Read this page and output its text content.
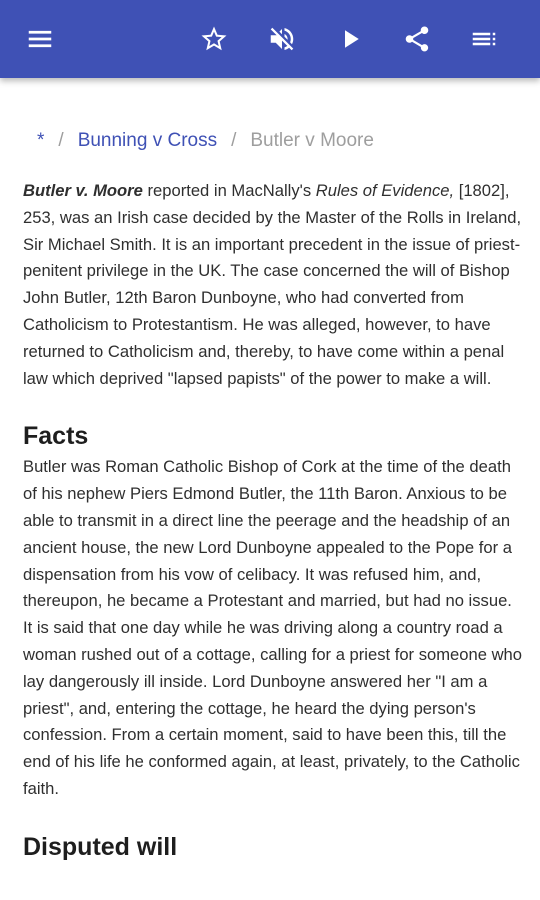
* / Bunning v Cross / Butler v Moore

Butler v. Moore reported in MacNally's Rules of Evidence, [1802], 253, was an Irish case decided by the Master of the Rolls in Ireland, Sir Michael Smith. It is an important precedent in the issue of priest-penitent privilege in the UK. The case concerned the will of Bishop John Butler, 12th Baron Dunboyne, who had converted from Catholicism to Protestantism. He was alleged, however, to have returned to Catholicism and, thereby, to have come within a penal law which deprived "lapsed papists" of the power to make a will.

Facts

Butler was Roman Catholic Bishop of Cork at the time of the death of his nephew Piers Edmond Butler, the 11th Baron. Anxious to be able to transmit in a direct line the peerage and the headship of an ancient house, the new Lord Dunboyne appealed to the Pope for a dispensation from his vow of celibacy. It was refused him, and, thereupon, he became a Protestant and married, but had no issue. It is said that one day while he was driving along a country road a woman rushed out of a cottage, calling for a priest for someone who lay dangerously ill inside. Lord Dunboyne answered her "I am a priest", and, entering the cottage, he heard the dying person's confession. From a certain moment, said to have been this, till the end of his life he conformed again, at least, privately, to the Catholic faith.

Disputed will
